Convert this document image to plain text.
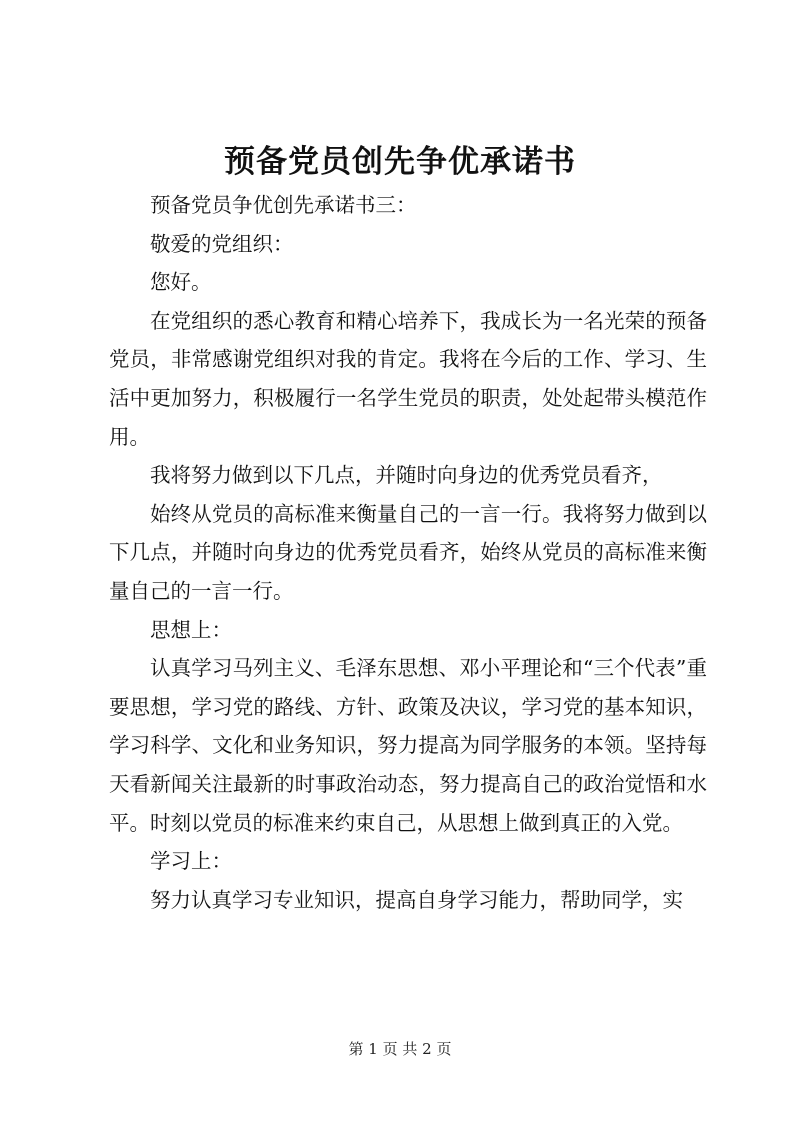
预备党员创先争优承诺书

预备党员争优创先承诺书三：

敬爱的党组织：

您好。

在党组织的悉心教育和精心培养下，我成长为一名光荣的预备党员，非常感谢党组织对我的肯定。我将在今后的工作、学习、生活中更加努力，积极履行一名学生党员的职责，处处起带头模范作用。

我将努力做到以下几点，并随时向身边的优秀党员看齐，

始终从党员的高标准来衡量自己的一言一行。我将努力做到以下几点，并随时向身边的优秀党员看齐，始终从党员的高标准来衡量自己的一言一行。

思想上：

认真学习马列主义、毛泽东思想、邓小平理论和“三个代表”重要思想，学习党的路线、方针、政策及决议，学习党的基本知识，学习科学、文化和业务知识，努力提高为同学服务的本领。坚持每天看新闻关注最新的时事政治动态，努力提高自己的政治觉悟和水平。时刻以党员的标准来约束自己，从思想上做到真正的入党。

学习上：

努力认真学习专业知识，提高自身学习能力，帮助同学，实

第 1 页 共 2 页
